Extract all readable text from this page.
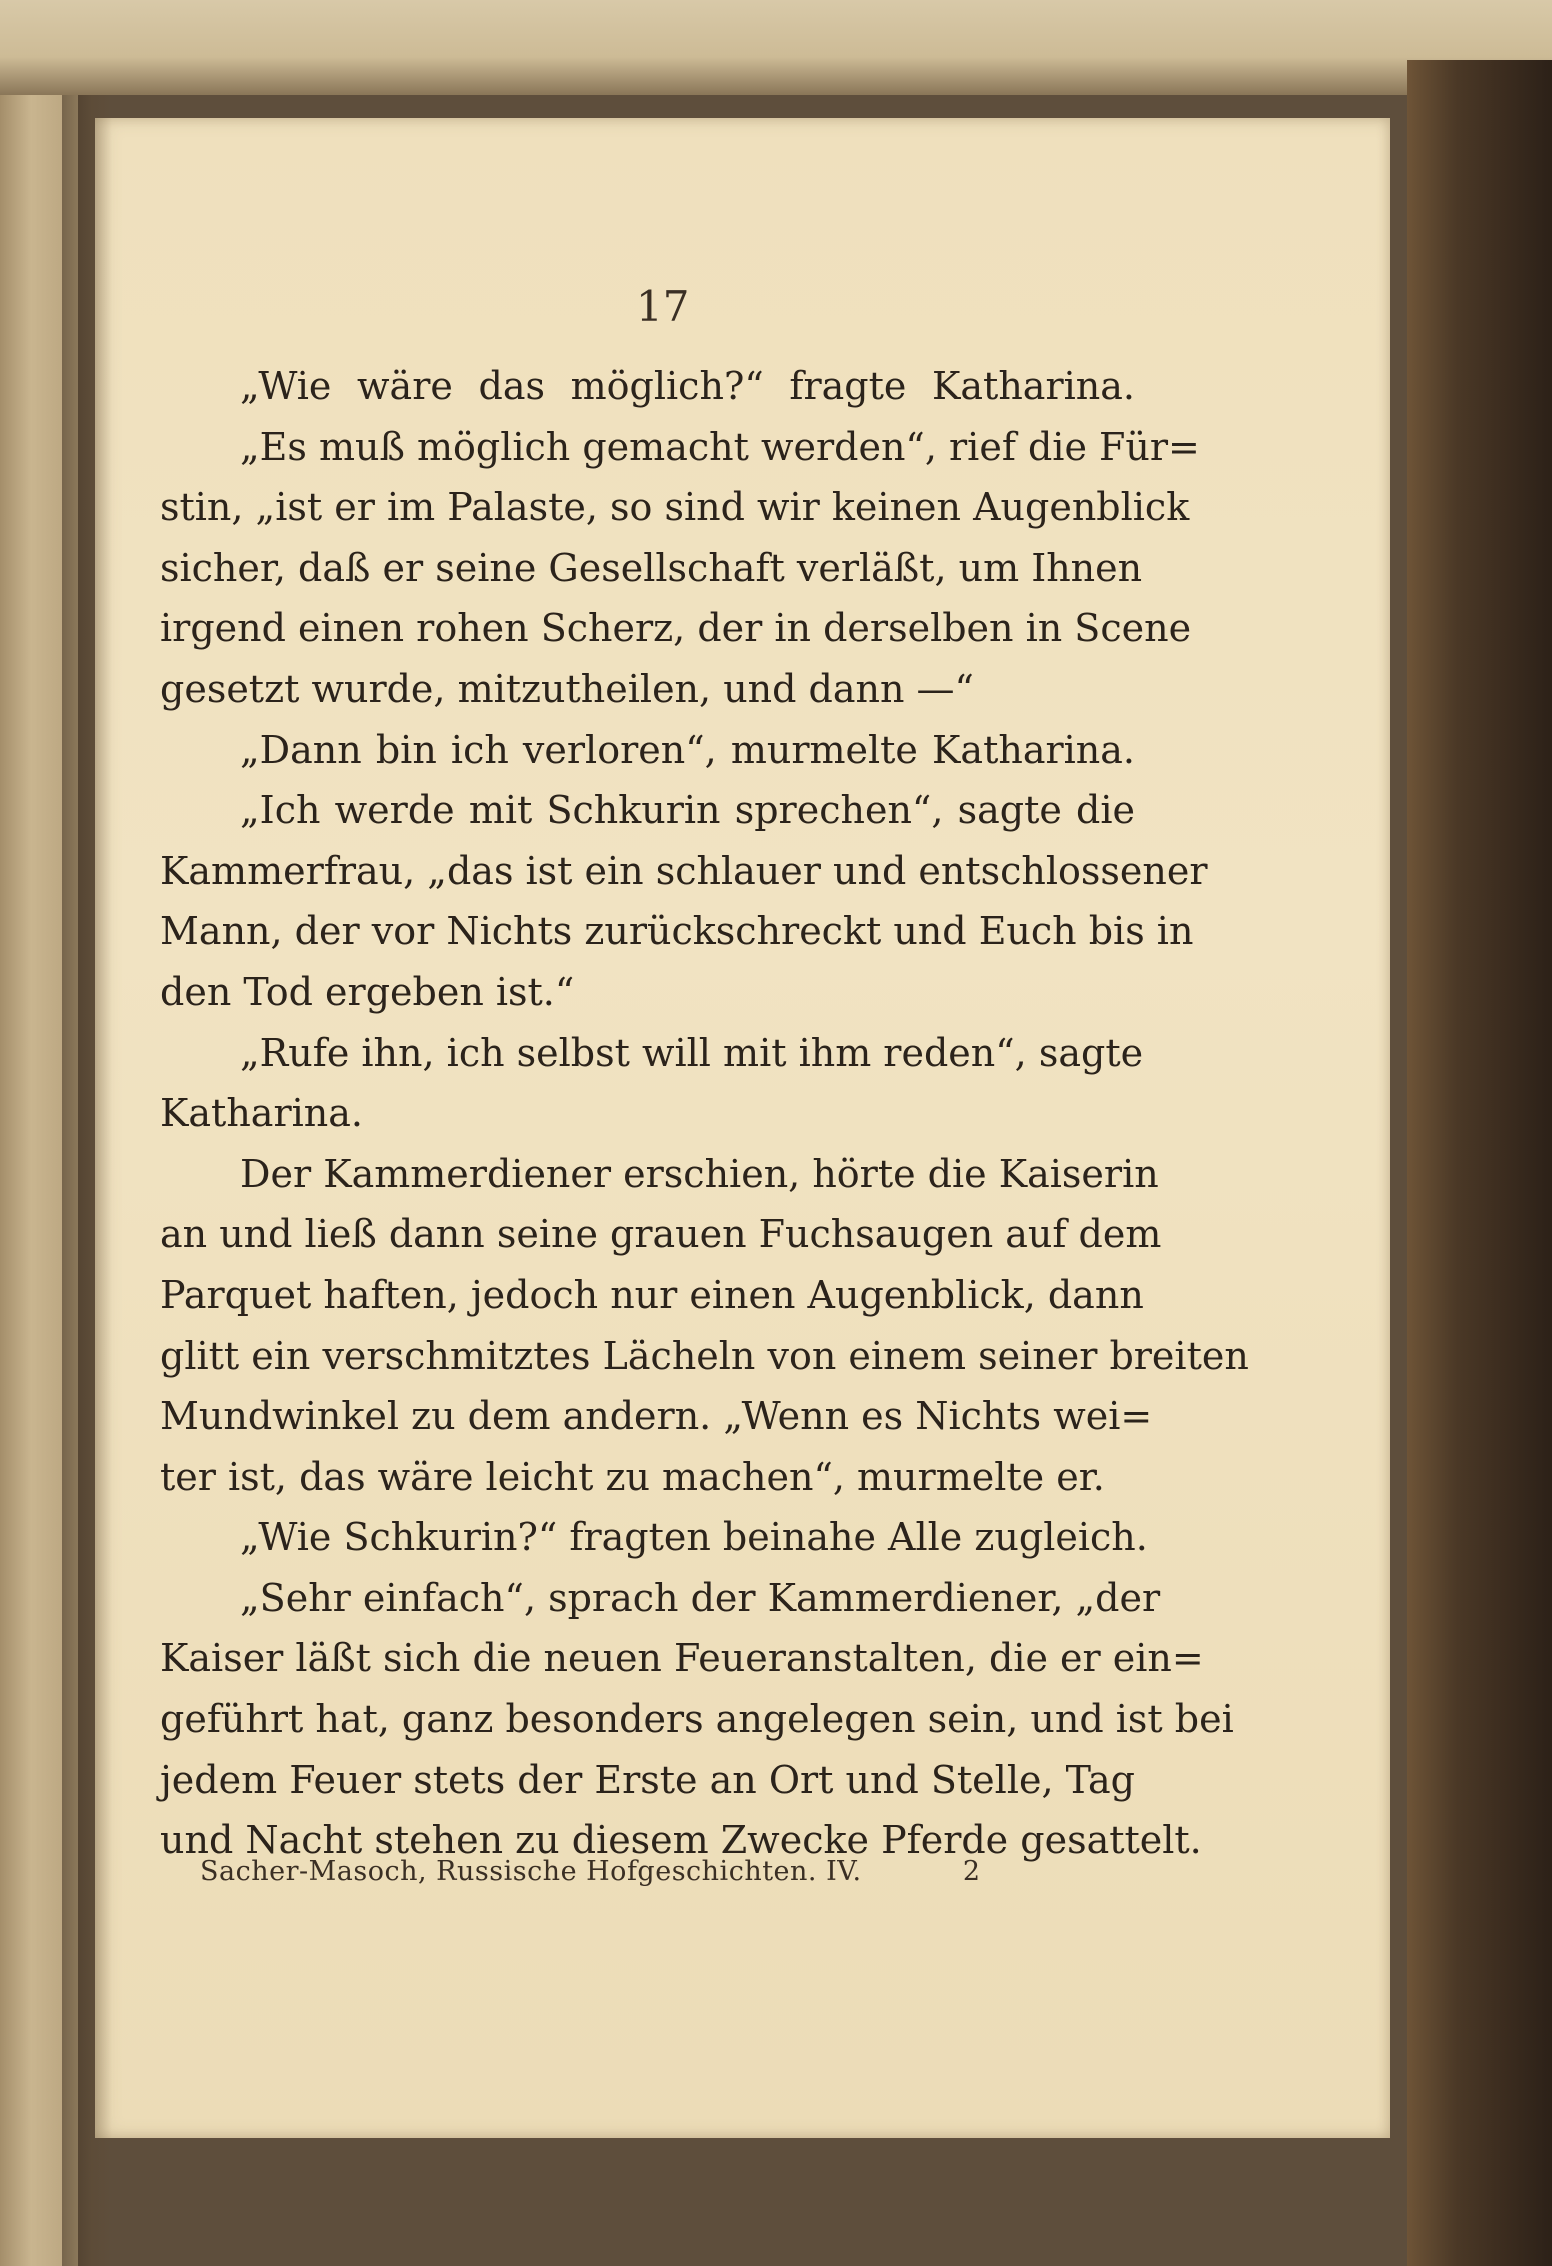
17
„Wie wäre das möglich?“ fragte Katharina.
„Es muß möglich gemacht werden“, rief die Für=
stin, „ist er im Palaste, so sind wir keinen Augenblick
sicher, daß er seine Gesellschaft verläßt, um Ihnen
irgend einen rohen Scherz, der in derselben in Scene
gesetzt wurde, mitzutheilen, und dann —“
„Dann bin ich verloren“, murmelte Katharina.
„Ich werde mit Schkurin sprechen“, sagte die
Kammerfrau, „das ist ein schlauer und entschlossener
Mann, der vor Nichts zurückschreckt und Euch bis in
den Tod ergeben ist.“
„Rufe ihn, ich selbst will mit ihm reden“, sagte
Katharina.
Der Kammerdiener erschien, hörte die Kaiserin
an und ließ dann seine grauen Fuchsaugen auf dem
Parquet haften, jedoch nur einen Augenblick, dann
glitt ein verschmitztes Lächeln von einem seiner breiten
Mundwinkel zu dem andern. „Wenn es Nichts wei=
ter ist, das wäre leicht zu machen“, murmelte er.
„Wie Schkurin?“ fragten beinahe Alle zugleich.
„Sehr einfach“, sprach der Kammerdiener, „der
Kaiser läßt sich die neuen Feueranstalten, die er ein=
geführt hat, ganz besonders angelegen sein, und ist bei
jedem Feuer stets der Erste an Ort und Stelle, Tag
und Nacht stehen zu diesem Zwecke Pferde gesattelt.
Sacher-Masoch, Russische Hofgeschichten. IV.	2
